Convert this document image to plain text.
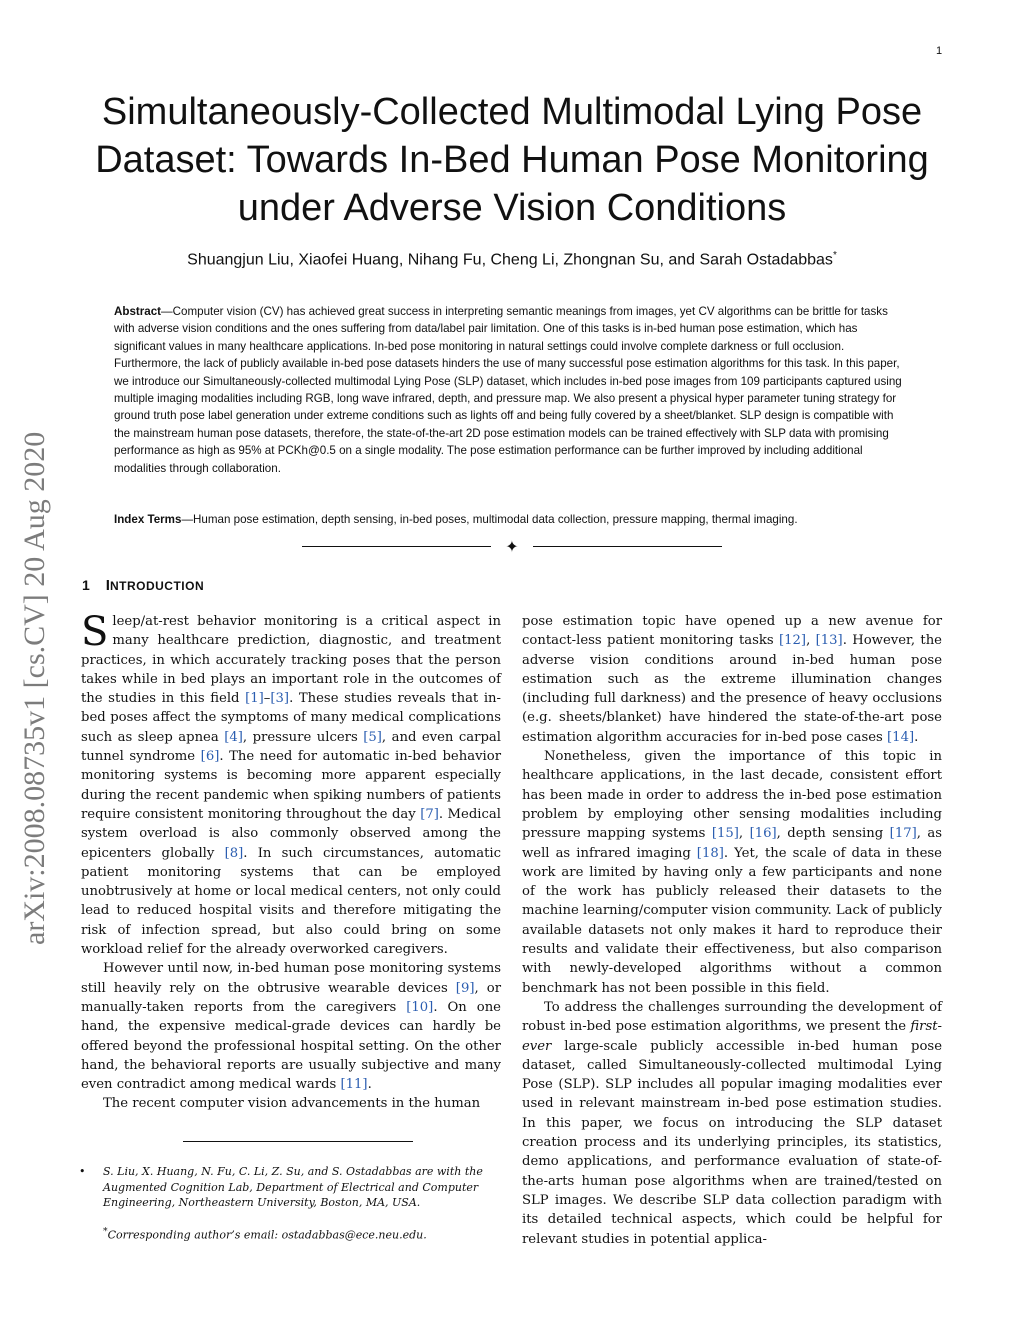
1
arXiv:2008.08735v1 [cs.CV] 20 Aug 2020
Simultaneously-Collected Multimodal Lying Pose Dataset: Towards In-Bed Human Pose Monitoring under Adverse Vision Conditions
Shuangjun Liu, Xiaofei Huang, Nihang Fu, Cheng Li, Zhongnan Su, and Sarah Ostadabbas*
Abstract—Computer vision (CV) has achieved great success in interpreting semantic meanings from images, yet CV algorithms can be brittle for tasks with adverse vision conditions and the ones suffering from data/label pair limitation. One of this tasks is in-bed human pose estimation, which has significant values in many healthcare applications. In-bed pose monitoring in natural settings could involve complete darkness or full occlusion. Furthermore, the lack of publicly available in-bed pose datasets hinders the use of many successful pose estimation algorithms for this task. In this paper, we introduce our Simultaneously-collected multimodal Lying Pose (SLP) dataset, which includes in-bed pose images from 109 participants captured using multiple imaging modalities including RGB, long wave infrared, depth, and pressure map. We also present a physical hyper parameter tuning strategy for ground truth pose label generation under extreme conditions such as lights off and being fully covered by a sheet/blanket. SLP design is compatible with the mainstream human pose datasets, therefore, the state-of-the-art 2D pose estimation models can be trained effectively with SLP data with promising performance as high as 95% at PCKh@0.5 on a single modality. The pose estimation performance can be further improved by including additional modalities through collaboration.
Index Terms—Human pose estimation, depth sensing, in-bed poses, multimodal data collection, pressure mapping, thermal imaging.
✦
1 INTRODUCTION

Sleep/at-rest behavior monitoring is a critical aspect in many healthcare prediction, diagnostic, and treatment practices, in which accurately tracking poses that the person takes while in bed plays an important role in the outcomes of the studies in this field [1]–[3]. These studies reveals that in-bed poses affect the symptoms of many medical complications such as sleep apnea [4], pressure ulcers [5], and even carpal tunnel syndrome [6]. The need for automatic in-bed behavior monitoring systems is becoming more apparent especially during the recent pandemic when spiking numbers of patients require consistent monitoring throughout the day [7]. Medical system overload is also commonly observed among the epicenters globally [8]. In such circumstances, automatic patient monitoring systems that can be employed unobtrusively at home or local medical centers, not only could lead to reduced hospital visits and therefore mitigating the risk of infection spread, but also could bring on some workload relief for the already overworked caregivers.

However until now, in-bed human pose monitoring systems still heavily rely on the obtrusive wearable devices [9], or manually-taken reports from the caregivers [10]. On one hand, the expensive medical-grade devices can hardly be offered beyond the professional hospital setting. On the other hand, the behavioral reports are usually subjective and many even contradict among medical wards [11].

The recent computer vision advancements in the human

pose estimation topic have opened up a new avenue for contact-less patient monitoring tasks [12], [13]. However, the adverse vision conditions around in-bed human pose estimation such as the extreme illumination changes (including full darkness) and the presence of heavy occlusions (e.g. sheets/blanket) have hindered the state-of-the-art pose estimation algorithm accuracies for in-bed pose cases [14].

Nonetheless, given the importance of this topic in healthcare applications, in the last decade, consistent effort has been made in order to address the in-bed pose estimation problem by employing other sensing modalities including pressure mapping systems [15], [16], depth sensing [17], as well as infrared imaging [18]. Yet, the scale of data in these work are limited by having only a few participants and none of the work has publicly released their datasets to the machine learning/computer vision community. Lack of publicly available datasets not only makes it hard to reproduce their results and validate their effectiveness, but also comparison with newly-developed algorithms without a common benchmark has not been possible in this field.

To address the challenges surrounding the development of robust in-bed pose estimation algorithms, we present the first-ever large-scale publicly accessible in-bed human pose dataset, called Simultaneously-collected multimodal Lying Pose (SLP). SLP includes all popular imaging modalities ever used in relevant mainstream in-bed pose estimation studies. In this paper, we focus on introducing the SLP dataset creation process and its underlying principles, its statistics, demo applications, and performance evaluation of state-of-the-arts human pose algorithms when are trained/tested on SLP images. We describe SLP data collection paradigm with its detailed technical aspects, which could be helpful for relevant studies in potential applica-

• S. Liu, X. Huang, N. Fu, C. Li, Z. Su, and S. Ostadabbas are with the Augmented Cognition Lab, Department of Electrical and Computer Engineering, Northeastern University, Boston, MA, USA.
*Corresponding author’s email: ostadabbas@ece.neu.edu.
